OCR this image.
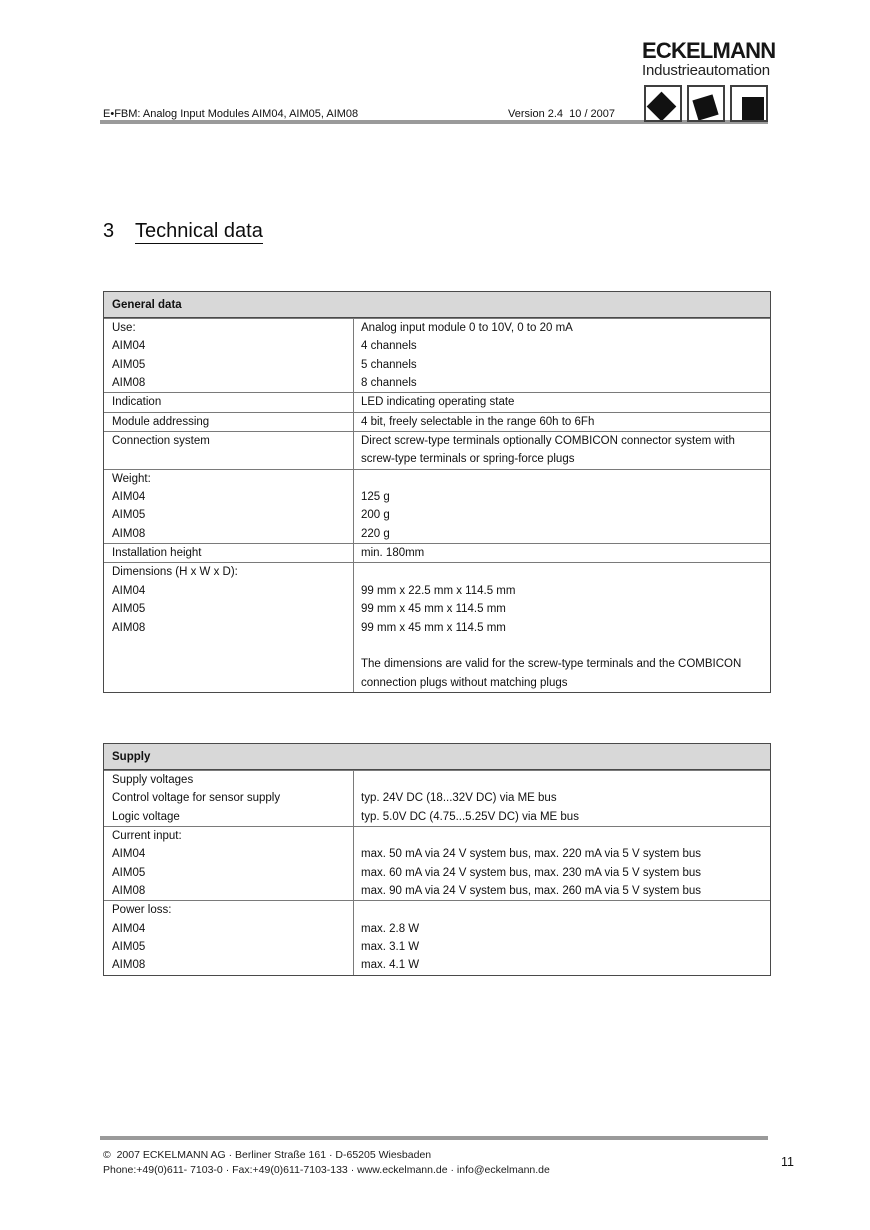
ECKELMANN
Industrieautomation
E•FBM: Analog Input Modules AIM04, AIM05, AIM08	Version 2.4  10 / 2007
3 Technical data
General data
Use:	Analog input module 0 to 10V, 0 to 20 mA
AIM04	4 channels
AIM05	5 channels
AIM08	8 channels
Indication	LED indicating operating state
Module addressing	4 bit, freely selectable in the range 60h to 6Fh
Connection system	Direct screw-type terminals optionally COMBICON connector system with
screw-type terminals or spring-force plugs
Weight:
AIM04	125 g
AIM05	200 g
AIM08	220 g
Installation height	min. 180mm
Dimensions (H x W x D):
AIM04	99 mm x 22.5 mm x 114.5 mm
AIM05	99 mm x 45 mm x 114.5 mm
AIM08	99 mm x 45 mm x 114.5 mm
The dimensions are valid for the screw-type terminals and the COMBICON
connection plugs without matching plugs
Supply
Supply voltages
Control voltage for sensor supply	typ. 24V DC (18...32V DC) via ME bus
Logic voltage	typ. 5.0V DC (4.75...5.25V DC) via ME bus
Current input:
AIM04	max. 50 mA via 24 V system bus, max. 220 mA via 5 V system bus
AIM05	max. 60 mA via 24 V system bus, max. 230 mA via 5 V system bus
AIM08	max. 90 mA via 24 V system bus, max. 260 mA via 5 V system bus
Power loss:
AIM04	max. 2.8 W
AIM05	max. 3.1 W
AIM08	max. 4.1 W
©  2007 ECKELMANN AG · Berliner Straße 161 · D-65205 Wiesbaden
Phone:+49(0)611- 7103-0 · Fax:+49(0)611-7103-133 · www.eckelmann.de · info@eckelmann.de
11
